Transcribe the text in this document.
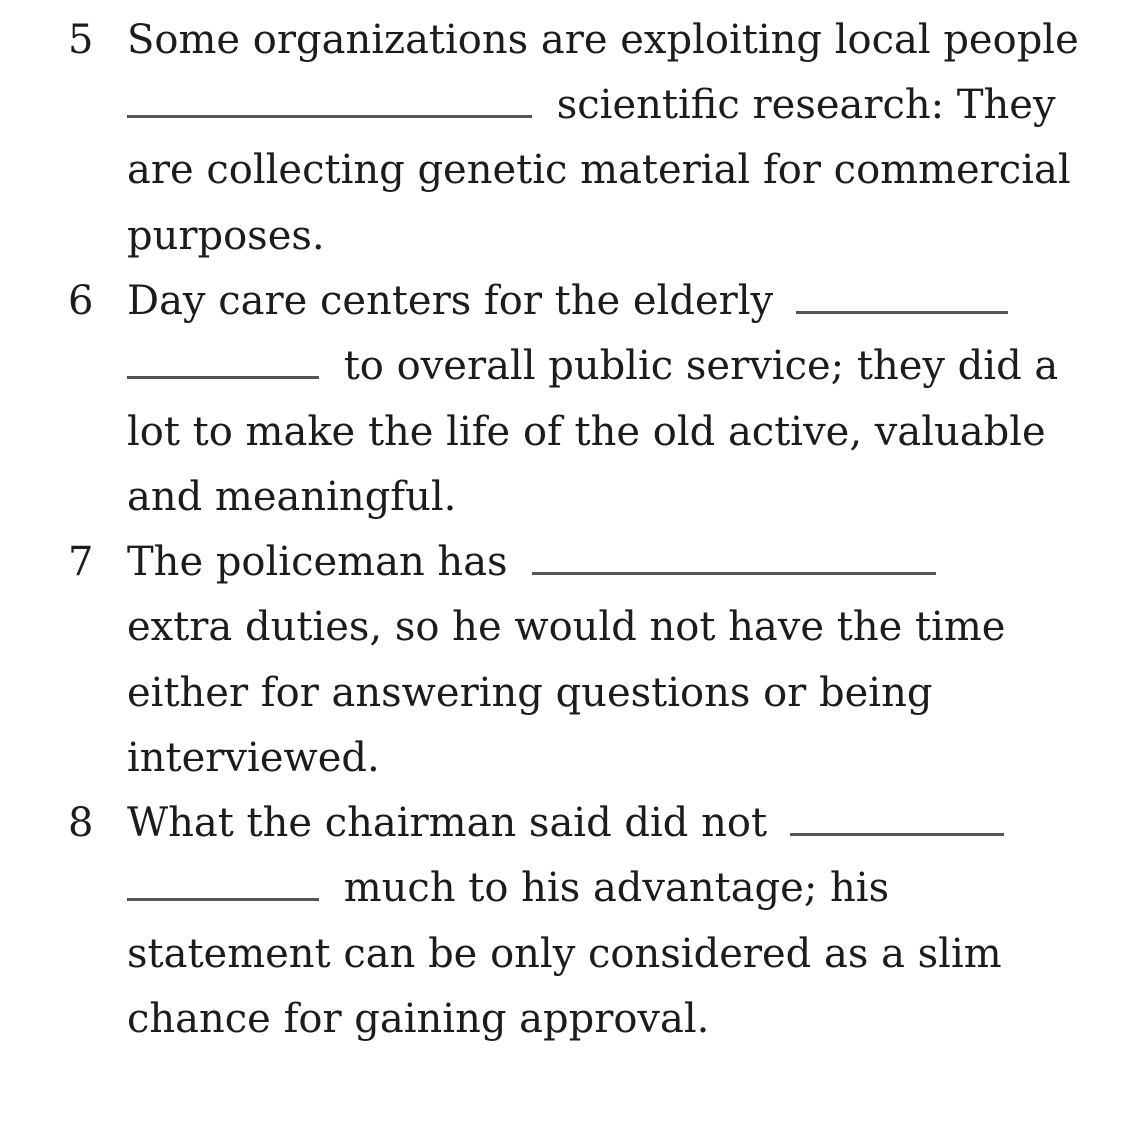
5 Some organizations are exploiting local people
scientific research: They
are collecting genetic material for commercial
purposes.
6 Day care centers for the elderly
to overall public service; they did a
lot to make the life of the old active, valuable
and meaningful.
7 The policeman has
extra duties, so he would not have the time
either for answering questions or being
interviewed.
8 What the chairman said did not
much to his advantage; his
statement can be only considered as a slim
chance for gaining approval.
